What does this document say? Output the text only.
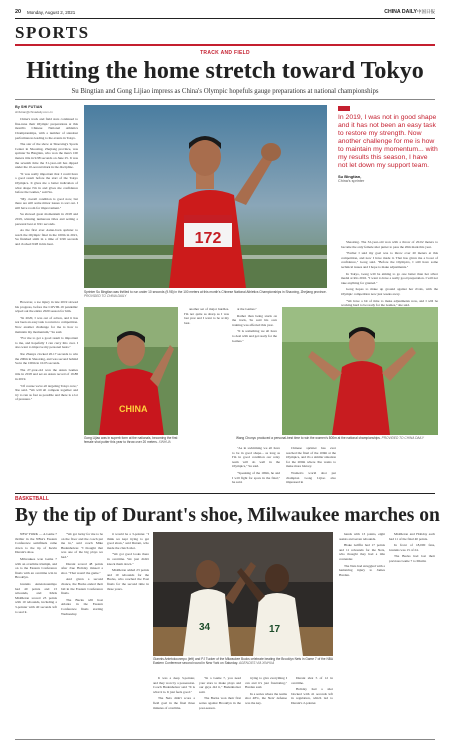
20 Monday, August 2, 2021	CHINA DAILY 中国日报
SPORTS
TRACK AND FIELD
Hitting the home stretch toward Tokyo
Su Bingtian and Gong Lijiao impress as China's Olympic hopefuls gauge preparations at national championships
By SHI FUTIAN
shifutian@chinadaily.com.cn

China's track and field stars continued to fine-tune their Olympic preparations at this month's Chinese National Athletics Championships, with a number of standout performances leading to the events in Tokyo.

The star of the show at Shaoxing's Sports Center in Shaoxing, Zhejiang province, was sprinter Su Bingtian, who won the men's 100 meters title in 9.98 seconds on June 25. It was the seventh time the 31-year-old has dipped under the 10-second mark in the discipline.

"It was really important that I could have a good result before the start of the Tokyo Olympics. It gives me a better indication of what shape I'm in and gives me confidence before the Games," said Su.

"My overall condition is good now, but there are still some minor issues to sort out. I still have room for improvement."

Su showed great momentum in 2018 and 2019, winning numerous titles and setting a personal best at 9.91 seconds.

As the first ever Asian-born sprinter to reach the Olympic final in the 100m in 2021, Su finished sixth in a time of 9.99 seconds and clocked 9.98 in his heat.	172
Sprinter Su Bingtian was thrilled to run under 10 seconds (9.98) in the 100 meters at this month's Chinese National Athletics Championships in Shaoxing, Zhejiang province. PROVIDED TO CHINA DAILY
In 2019, I was not in good shape and it has not been an easy task to restore my strength. Now another challenge for me is how to maintain my momentum... with my results this season, I have not let down my support team.
Su Bingtian,
China's sprinter

Shaoxing. The 32-year-old won with a throw of 20.02 meters to become the only female shot putter to pass the 20m mark this year.

"Earlier I said my goal was to throw over 20 meters at this competition, and now I have made it. That has given me a boost of confidence," Gong said. "Before the Olympics, I still have some technical issues and I hope to make adjustments."

In Tokyo, Gong will be aiming to go one better than her silver medal at Rio 2016. "I want to have a really good preparation. I will not take anything for granted."

Gong hopes to make up ground against her rivals, with the Olympic competition now just weeks away.

"We have a bit of time to make adjustments now, and I will be working hard to be ready for the Games," she said.

CHINA
Gong Lijiao was in superb form at the nationals, becoming the first female shot putter this year to throw over 20 meters. XINHUA

another set of major hurdles. I'm not quite as sharp as I was last year and I want to be at my best.

However, a toe injury in late 2019 slowed his progress, before the COVID-19 pandemic wiped out the entire 2020 season for him.

"In 2020, I was out of action, and it has not been an easy task to return to competition. Now another challenge for me is how to maintain my momentum," Su said.

"For me to get a good result is important to me, and hopefully I can carry this over. I also want to improve my personal bests."

Xie Zhenye clocked 20.17 seconds to win the 200m in Shaoxing, and was second behind Su in the 100m in 10.05 seconds.

The 27-year-old won the Asian Games title in 2018 and set an Asian record of 19.88 in 2019.

"Of course we're all targeting Tokyo now," Xie said. "We will all compete together and try to run as fast as possible and there is a lot of pressure."

at the Games."

Rather than being stuck on the track, Su said his own training was affected this year.

"It is something we all have to deal with and get ready for the Games."

Wang Chunyu produced a personal-best time to win the women's 800m at the national championships. PROVIDED TO CHINA DAILY

"As in swimming we all have to be in good shape... as long as I'm in good condition our relay team will do well in the Olympics," Su said.

"Speaking of the 100m, he and I will fight for spots in the final," he said.

Chinese sprinter has ever reached the final of the 100m at the Olympics, and it's a similar situation for the 200m where Xie wants to make more history.

Women's world shot put champion Gong Lijiao also impressed in

BASKETBALL
By the tip of Durant's shoe, Milwaukee marches on

NEW YORK — A Game 7 thriller in the NBA's Eastern Conference semifinals came down to the tip of Kevin Durant's shoe.

Milwaukee won Game 7 with an overtime triumph, and on to the Eastern Conference finals with an overtime win in Brooklyn.

Giannis Antetokounmpo had 40 points and 13 rebounds, and Khris Middleton scored 23 points with 10 rebounds, including a 3-pointer with 40 seconds left to seal it.

"We got lucky for me to be on the floor and the coach put me in," said coach Mike Budenholzer. "I thought that was one of the big plays we had."

Durant scored 48 points after Jrue Holiday missed a shot. "That wasn't the game."

And given a second chance, the Bucks ended their bid in the Eastern Conference finals.

The Bucks will host Atlanta in the Eastern Conference finals starting Wednesday.

it would be a 3-pointer. "I think we kept trying to get good shots," said Durant, who made the clutch shot.

"We got good looks there in overtime. We just didn't knock them down."

Middleton added 23 points and 10 rebounds for the Bucks, who reached the East finals for the second time in three years.

34	17
Giannis Antetokounmpo (left) and PJ Tucker of the Milwaukee Bucks celebrate beating the Brooklyn Nets in Game 7 of the NBA Eastern Conference second round in New York on Saturday. AGENCIES VIA XINHUA

It was a deep 3-pointer, and they won by a possession. Coach Budenholzer said "It is what it is. It just feels good."

The Nets didn't score a field goal in the final three minutes of overtime.

"In a Game 7, you need your stars to make plays and our guys did it," Budenholzer said.

The Bucks won their first series against Brooklyn in the post-season.

trying to give everything I can and it's just frustrating," Harden said.

In a series where the teams shot 48%, the Nets' defense was the key.

Durant shot 5 of 12 in overtime.

Holiday had a shot blocked with 41 seconds left in regulation, which led to Durant's 2-pointer.

hands with 13 points, eight assists and seven rebounds.

Blake Griffin had 17 points and 11 rebounds for the Nets, who thought they had a title contender.

The Nets had struggled with a hamstring injury to James Harden.

Middleton and Holiday each had 11 of the final 40 points.

In front of 18,000 fans, Giannis was 15 of 24.

The Bucks had lost their previous Game 7 to Miami.
